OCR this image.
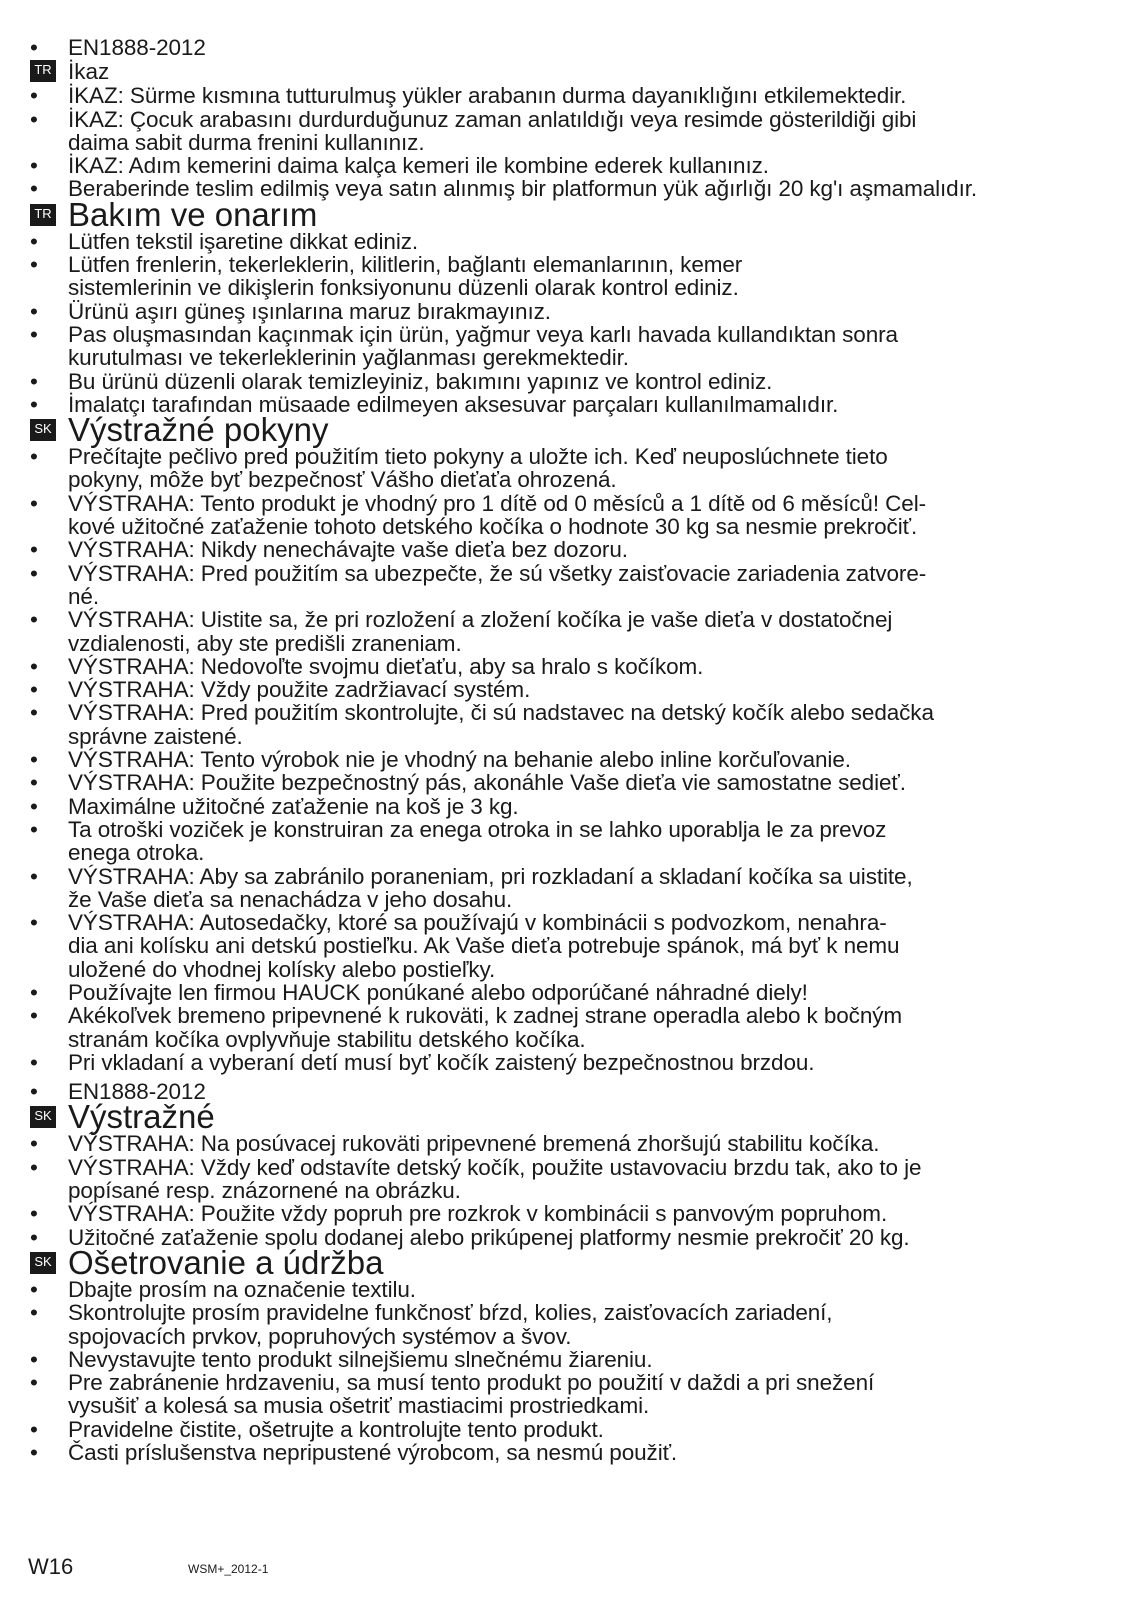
• EN1888-2012
TR İkaz
• İKAZ: Sürme kısmına tutturulmuş yükler arabanın durma dayanıklığını etkilemektedir.
• İKAZ: Çocuk arabasını durdurduğunuz zaman anlatıldığı veya resimde gösterildiği gibi
daima sabit durma frenini kullanınız.
• İKAZ: Adım kemerini daima kalça kemeri ile kombine ederek kullanınız.
• Beraberinde teslim edilmiş veya satın alınmış bir platformun yük ağırlığı 20 kg'ı aşmamalıdır.
TR Bakım ve onarım
• Lütfen tekstil işaretine dikkat ediniz.
• Lütfen frenlerin, tekerleklerin, kilitlerin, bağlantı elemanlarının, kemer
sistemlerinin ve dikişlerin fonksiyonunu düzenli olarak kontrol ediniz.
• Ürünü aşırı güneş ışınlarına maruz bırakmayınız.
• Pas oluşmasından kaçınmak için ürün, yağmur veya karlı havada kullandıktan sonra
kurutulması ve tekerleklerinin yağlanması gerekmektedir.
• Bu ürünü düzenli olarak temizleyiniz, bakımını yapınız ve kontrol ediniz.
• İmalatçı tarafından müsaade edilmeyen aksesuvar parçaları kullanılmamalıdır.
SK Výstražné pokyny
• Prečítajte pečlivo pred použitím tieto pokyny a uložte ich. Keď neuposlúchnete tieto
pokyny, môže byť bezpečnosť Vášho dieťaťa ohrozená.
• VÝSTRAHA: Tento produkt je vhodný pro 1 dítě od 0 měsíců a 1 dítě od 6 měsíců! Cel-
kové užitočné zaťaženie tohoto detského kočíka o hodnote 30 kg sa nesmie prekročiť.
• VÝSTRAHA: Nikdy nenechávajte vaše dieťa bez dozoru.
• VÝSTRAHA: Pred použitím sa ubezpečte, že sú všetky zaisťovacie zariadenia zatvore-
né.
• VÝSTRAHA: Uistite sa, že pri rozložení a zložení kočíka je vaše dieťa v dostatočnej
vzdialenosti, aby ste predišli zraneniam.
• VÝSTRAHA: Nedovoľte svojmu dieťaťu, aby sa hralo s kočíkom.
• VÝSTRAHA: Vždy použite zadržiavací systém.
• VÝSTRAHA: Pred použitím skontrolujte, či sú nadstavec na detský kočík alebo sedačka
správne zaistené.
• VÝSTRAHA: Tento výrobok nie je vhodný na behanie alebo inline korčuľovanie.
• VÝSTRAHA: Použite bezpečnostný pás, akonáhle Vaše dieťa vie samostatne sedieť.
• Maximálne užitočné zaťaženie na koš je 3 kg.
• Ta otroški voziček je konstruiran za enega otroka in se lahko uporablja le za prevoz
enega otroka.
• VÝSTRAHA: Aby sa zabránilo poraneniam, pri rozkladaní a skladaní kočíka sa uistite,
že Vaše dieťa sa nenachádza v jeho dosahu.
• VÝSTRAHA: Autosedačky, ktoré sa používajú v kombinácii s podvozkom, nenahra-
dia ani kolísku ani detskú postieľku. Ak Vaše dieťa potrebuje spánok, má byť k nemu
uložené do vhodnej kolísky alebo postieľky.
• Používajte len firmou HAUCK ponúkané alebo odporúčané náhradné diely!
• Akékoľvek bremeno pripevnené k rukoväti, k zadnej strane operadla alebo k bočným
stranám kočíka ovplyvňuje stabilitu detského kočíka.
• Pri vkladaní a vyberaní detí musí byť kočík zaistený bezpečnostnou brzdou.
• EN1888-2012
SK Výstražné
• VÝSTRAHA: Na posúvacej rukoväti pripevnené bremená zhoršujú stabilitu kočíka.
• VÝSTRAHA: Vždy keď odstavíte detský kočík, použite ustavovaciu brzdu tak, ako to je
popísané resp. znázornené na obrázku.
• VÝSTRAHA: Použite vždy popruh pre rozkrok v kombinácii s panvovým popruhom.
• Užitočné zaťaženie spolu dodanej alebo prikúpenej platformy nesmie prekročiť 20 kg.
SK Ošetrovanie a údržba
• Dbajte prosím na označenie textilu.
• Skontrolujte prosím pravidelne funkčnosť bŕzd, kolies, zaisťovacích zariadení,
spojovacích prvkov, popruhových systémov a švov.
• Nevystavujte tento produkt silnejšiemu slnečnému žiareniu.
• Pre zabránenie hrdzaveniu, sa musí tento produkt po použití v daždi a pri snežení
vysušiť a kolesá sa musia ošetriť mastiacimi prostriedkami.
• Pravidelne čistite, ošetrujte a kontrolujte tento produkt.
• Časti príslušenstva nepripustené výrobcom, sa nesmú použiť.
W16	WSM+_2012-1
